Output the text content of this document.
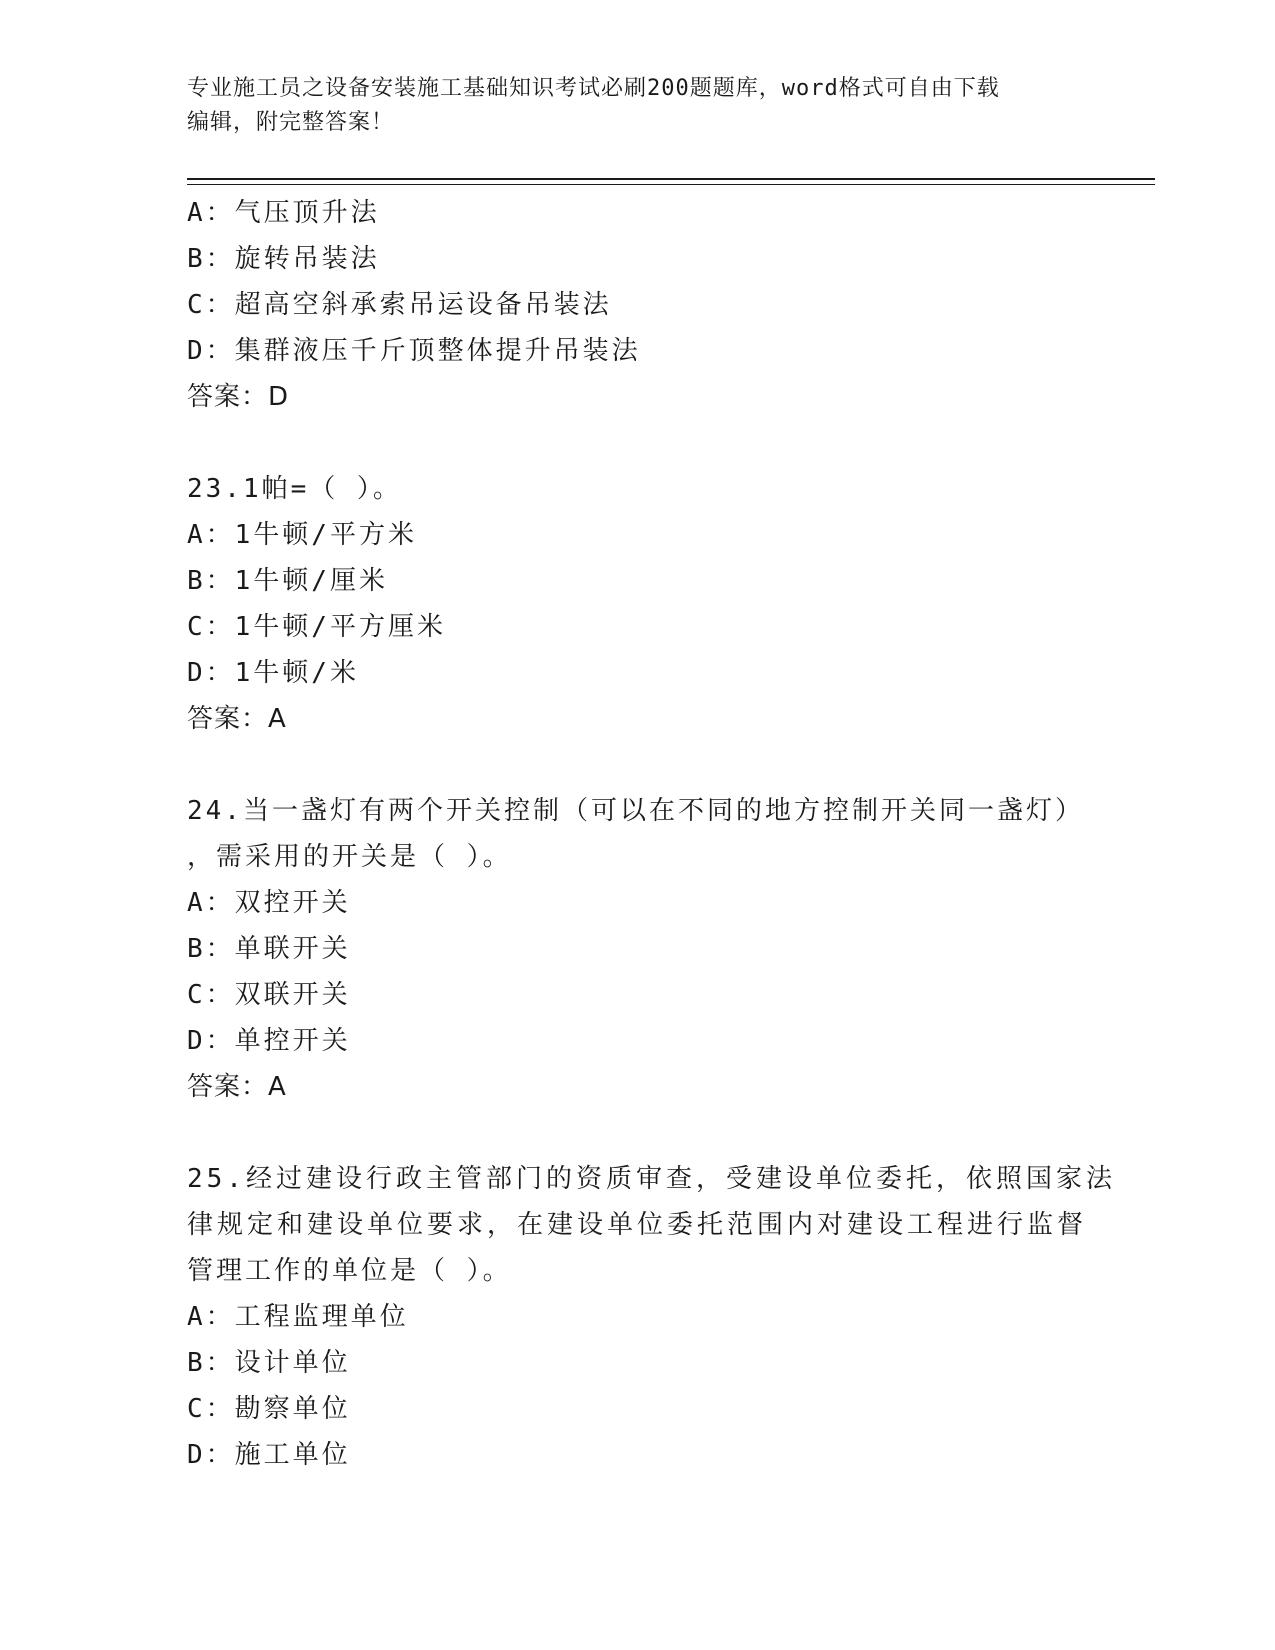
专业施工员之设备安装施工基础知识考试必刷200题题库，word格式可自由下载
编辑，附完整答案！
A：气压顶升法
B：旋转吊装法
C：超高空斜承索吊运设备吊装法
D：集群液压千斤顶整体提升吊装法
答案：D
23.1帕=（ ）。
A：1牛顿/平方米
B：1牛顿/厘米
C：1牛顿/平方厘米
D：1牛顿/米
答案：A
24.当一盏灯有两个开关控制（可以在不同的地方控制开关同一盏灯）
，需采用的开关是（ ）。
A：双控开关
B：单联开关
C：双联开关
D：单控开关
答案：A
25.经过建设行政主管部门的资质审查，受建设单位委托，依照国家法
律规定和建设单位要求，在建设单位委托范围内对建设工程进行监督
管理工作的单位是（ ）。
A：工程监理单位
B：设计单位
C：勘察单位
D：施工单位
